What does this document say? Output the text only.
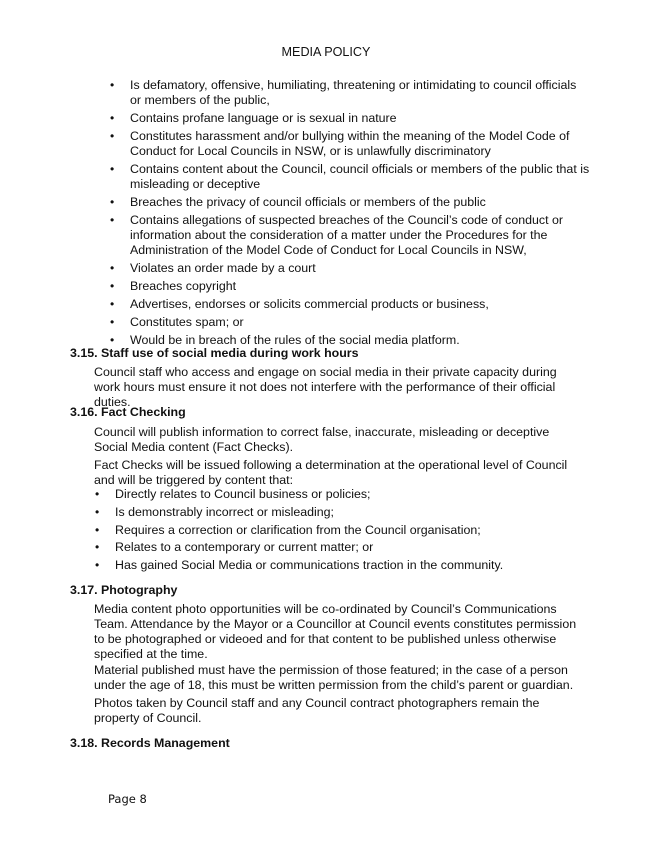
MEDIA POLICY
• Is defamatory, offensive, humiliating, threatening or intimidating to council officials or members of the public,
• Contains profane language or is sexual in nature
• Constitutes harassment and/or bullying within the meaning of the Model Code of Conduct for Local Councils in NSW, or is unlawfully discriminatory
• Contains content about the Council, council officials or members of the public that is misleading or deceptive
• Breaches the privacy of council officials or members of the public
• Contains allegations of suspected breaches of the Council’s code of conduct or information about the consideration of a matter under the Procedures for the Administration of the Model Code of Conduct for Local Councils in NSW,
• Violates an order made by a court
• Breaches copyright
• Advertises, endorses or solicits commercial products or business,
• Constitutes spam; or
• Would be in breach of the rules of the social media platform.
3.15. Staff use of social media during work hours
Council staff who access and engage on social media in their private capacity during work hours must ensure it not does not interfere with the performance of their official duties.
3.16. Fact Checking
Council will publish information to correct false, inaccurate, misleading or deceptive Social Media content (Fact Checks).
Fact Checks will be issued following a determination at the operational level of Council and will be triggered by content that:
• Directly relates to Council business or policies;
• Is demonstrably incorrect or misleading;
• Requires a correction or clarification from the Council organisation;
• Relates to a contemporary or current matter; or
• Has gained Social Media or communications traction in the community.
3.17. Photography
Media content photo opportunities will be co-ordinated by Council’s Communications Team. Attendance by the Mayor or a Councillor at Council events constitutes permission to be photographed or videoed and for that content to be published unless otherwise specified at the time.
Material published must have the permission of those featured; in the case of a person under the age of 18, this must be written permission from the child’s parent or guardian.
Photos taken by Council staff and any Council contract photographers remain the property of Council.
3.18. Records Management
Page 8
